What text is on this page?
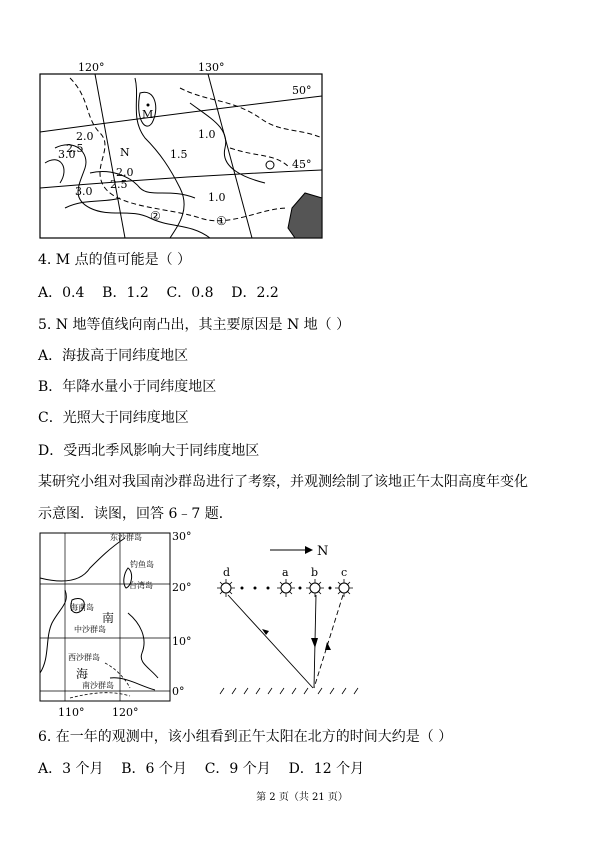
120°	130°
50°
45°
M
N
①
②
2.0
2.5
3.0
1.0
1.5
2.0
2.5
3.0	1.0
4. M 点的值可能是（ ）
A．0.4    B．1.2    C．0.8    D．2.2
5. N 地等值线向南凸出，其主要原因是 N 地（ ）
A．海拔高于同纬度地区
B．年降水量小于同纬度地区
C．光照大于同纬度地区
D．受西北季风影响大于同纬度地区
某研究小组对我国南沙群岛进行了考察，并观测绘制了该地正午太阳高度年变化
示意图．读图，回答 6﹣7 题．
30°
20°
10°
0°
110°	120°
钓鱼岛
台湾岛
东沙群岛
海南岛
南
中沙群岛
西沙群岛
海
南沙群岛
N
d	a b c
6. 在一年的观测中，该小组看到正午太阳在北方的时间大约是（ ）
A．3 个月    B．6 个月    C．9 个月    D．12 个月
第 2 页（共 21 页）
